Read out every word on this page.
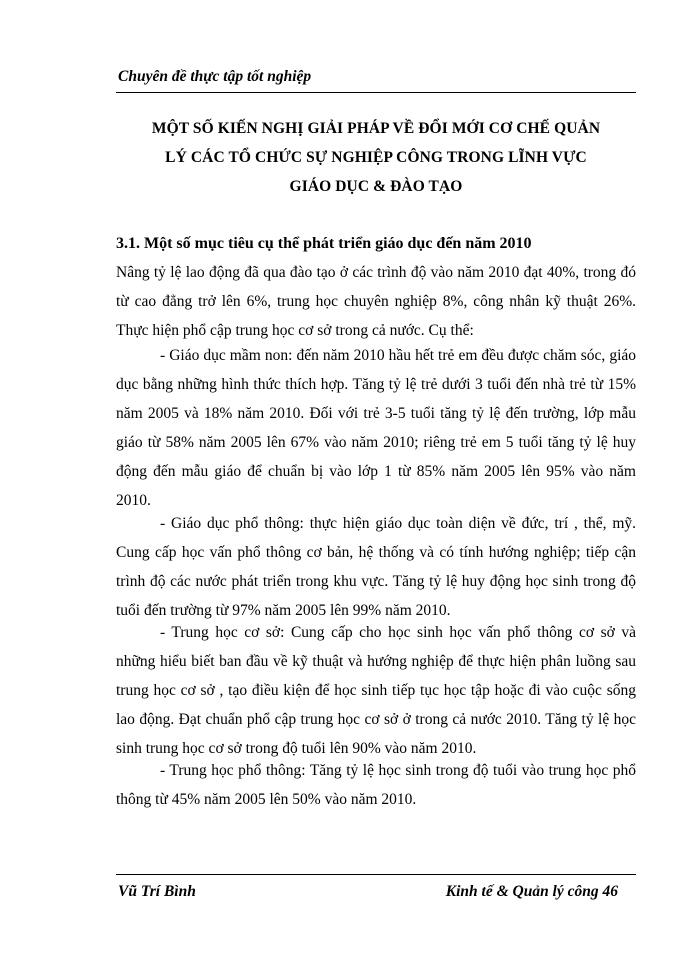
Chuyên đề thực tập tốt nghiệp
MỘT SỐ KIẾN NGHỊ GIẢI PHÁP VỀ ĐỔI MỚI CƠ CHẾ QUẢN
LÝ CÁC TỔ CHỨC SỰ NGHIỆP CÔNG TRONG LĨNH VỰC
GIÁO DỤC & ĐÀO TẠO
3.1. Một số mục tiêu cụ thể phát triển giáo dục đến năm 2010

Nâng tỷ lệ lao động đã qua đào tạo ở các trình độ vào năm 2010 đạt 40%, trong đó từ cao đẳng trở lên 6%, trung học chuyên nghiệp 8%, công nhân kỹ thuật 26%. Thực hiện phổ cập trung học cơ sở trong cả nước. Cụ thể:

- Giáo dục mầm non: đến năm 2010 hầu hết trẻ em đều được chăm sóc, giáo dục bằng những hình thức thích hợp. Tăng tỷ lệ trẻ dưới 3 tuổi đến nhà trẻ từ 15% năm 2005 và 18% năm 2010. Đối với trẻ 3-5 tuổi tăng tỷ lệ đến trường, lớp mẫu giáo từ 58% năm 2005 lên 67% vào năm 2010; riêng trẻ em 5 tuổi tăng tỷ lệ huy động đến mẫu giáo để chuẩn bị vào lớp 1 từ 85% năm 2005 lên 95% vào năm 2010.

- Giáo dục phổ thông: thực hiện giáo dục toàn diện về đức, trí , thể, mỹ. Cung cấp học vấn phổ thông cơ bản, hệ thống và có tính hướng nghiệp; tiếp cận trình độ các nước phát triển trong khu vực. Tăng tỷ lệ huy động học sinh trong độ tuổi đến trường từ 97% năm 2005 lên 99% năm 2010.

- Trung học cơ sở: Cung cấp cho học sinh học vấn phổ thông cơ sở và những hiểu biết ban đầu về kỹ thuật và hướng nghiệp để thực hiện phân luồng sau trung học cơ sở , tạo điều kiện để học sinh tiếp tục học tập hoặc đi vào cuộc sống lao động. Đạt chuẩn phổ cập trung học cơ sở ở trong cả nước 2010. Tăng tỷ lệ học sinh trung học cơ sở trong độ tuổi lên 90% vào năm 2010.

- Trung học phổ thông: Tăng tỷ lệ học sinh trong độ tuổi vào trung học phổ thông từ 45% năm 2005 lên 50% vào năm 2010.

Vũ Trí Bình	Kinh tế & Quản lý công 46
